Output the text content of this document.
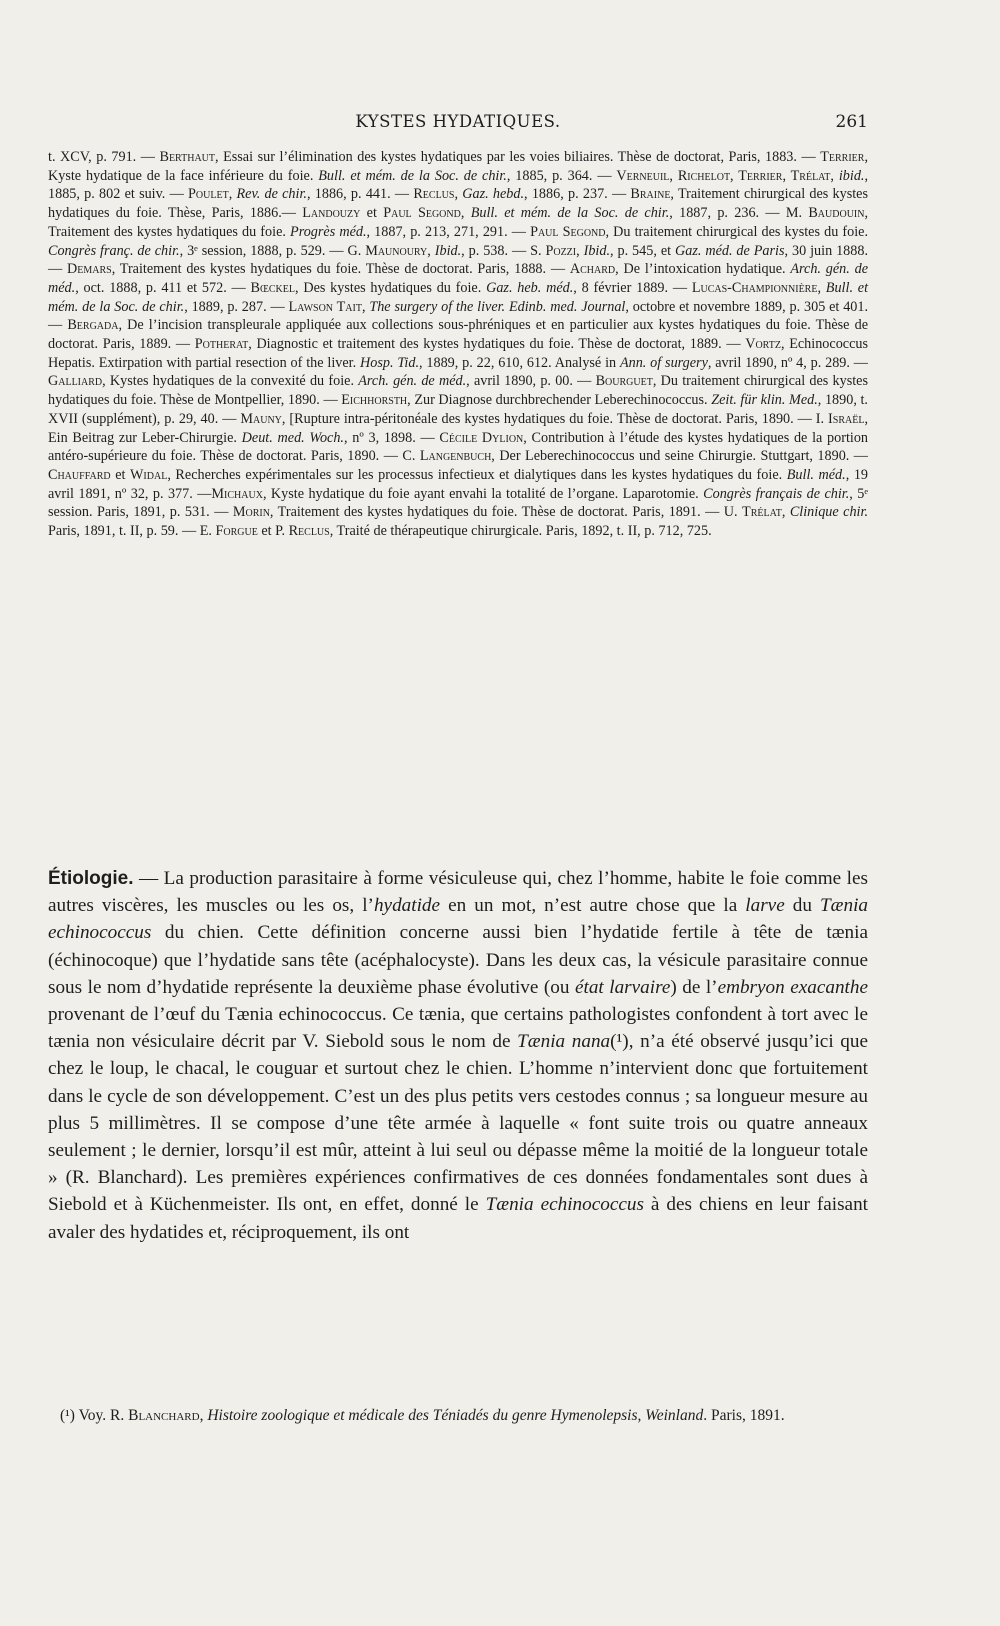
KYSTES HYDATIQUES.	261

t. XCV, p. 791. — Berthaut, Essai sur l’élimination des kystes hydatiques par les voies biliaires. Thèse de doctorat, Paris, 1883. — Terrier, Kyste hydatique de la face inférieure du foie. Bull. et mém. de la Soc. de chir., 1885, p. 364. — Verneuil, Richelot, Terrier, Trélat, ibid., 1885, p. 802 et suiv. — Poulet, Rev. de chir., 1886, p. 441. — Reclus, Gaz. hebd., 1886, p. 237. — Braine, Traitement chirurgical des kystes hydatiques du foie. Thèse, Paris, 1886.— Landouzy et Paul Segond, Bull. et mém. de la Soc. de chir., 1887, p. 236. — M. Baudouin, Traitement des kystes hydatiques du foie. Progrès méd., 1887, p. 213, 271, 291. — Paul Segond, Du traitement chirurgical des kystes du foie. Congrès franç. de chir., 3ᵉ session, 1888, p. 529. — G. Maunoury, Ibid., p. 538. — S. Pozzi, Ibid., p. 545, et Gaz. méd. de Paris, 30 juin 1888. — Demars, Traitement des kystes hydatiques du foie. Thèse de doctorat. Paris, 1888. — Achard, De l’intoxication hydatique. Arch. gén. de méd., oct. 1888, p. 411 et 572. — Bœckel, Des kystes hydatiques du foie. Gaz. heb. méd., 8 février 1889. — Lucas-Championnière, Bull. et mém. de la Soc. de chir., 1889, p. 287. — Lawson Tait, The surgery of the liver. Edinb. med. Journal, octobre et novembre 1889, p. 305 et 401. — Bergada, De l’incision transpleurale appliquée aux collections sous-phréniques et en particulier aux kystes hydatiques du foie. Thèse de doctorat. Paris, 1889. — Potherat, Diagnostic et traitement des kystes hydatiques du foie. Thèse de doctorat, 1889. — Vortz, Echinococcus Hepatis. Extirpation with partial resection of the liver. Hosp. Tid., 1889, p. 22, 610, 612. Analysé in Ann. of surgery, avril 1890, nº 4, p. 289. — Galliard, Kystes hydatiques de la convexité du foie. Arch. gén. de méd., avril 1890, p. 00. — Bourguet, Du traitement chirurgical des kystes hydatiques du foie. Thèse de Montpellier, 1890. — Eichhorsth, Zur Diagnose durchbrechender Leberechinococcus. Zeit. für klin. Med., 1890, t. XVII (supplément), p. 29, 40. — Mauny, [Rupture intra-péritonéale des kystes hydatiques du foie. Thèse de doctorat. Paris, 1890. — I. Israël, Ein Beitrag zur Leber-Chirurgie. Deut. med. Woch., nº 3, 1898. — Cécile Dylion, Contribution à l’étude des kystes hydatiques de la portion antéro-supérieure du foie. Thèse de doctorat. Paris, 1890. — C. Langenbuch, Der Leberechinococcus und seine Chirurgie. Stuttgart, 1890. — Chauffard et Widal, Recherches expérimentales sur les processus infectieux et dialytiques dans les kystes hydatiques du foie. Bull. méd., 19 avril 1891, nº 32, p. 377. —Michaux, Kyste hydatique du foie ayant envahi la totalité de l’organe. Laparotomie. Congrès français de chir., 5ᵉ session. Paris, 1891, p. 531. — Morin, Traitement des kystes hydatiques du foie. Thèse de doctorat. Paris, 1891. — U. Trélat, Clinique chir. Paris, 1891, t. II, p. 59. — E. Forgue et P. Reclus, Traité de thérapeutique chirurgicale. Paris, 1892, t. II, p. 712, 725.

Étiologie. — La production parasitaire à forme vésiculeuse qui, chez l’homme, habite le foie comme les autres viscères, les muscles ou les os, l’hydatide en un mot, n’est autre chose que la larve du Tænia echinococcus du chien. Cette définition concerne aussi bien l’hydatide fertile à tête de tænia (échinocoque) que l’hydatide sans tête (acéphalocyste). Dans les deux cas, la vésicule parasitaire connue sous le nom d’hydatide représente la deuxième phase évolutive (ou état larvaire) de l’embryon exacanthe provenant de l’œuf du Tænia echinococcus. Ce tænia, que certains pathologistes confondent à tort avec le tænia non vésiculaire décrit par V. Siebold sous le nom de Tænia nana(¹), n’a été observé jusqu’ici que chez le loup, le chacal, le couguar et surtout chez le chien. L’homme n’intervient donc que fortuitement dans le cycle de son développement. C’est un des plus petits vers cestodes connus ; sa longueur mesure au plus 5 millimètres. Il se compose d’une tête armée à laquelle « font suite trois ou quatre anneaux seulement ; le dernier, lorsqu’il est mûr, atteint à lui seul ou dépasse même la moitié de la longueur totale » (R. Blanchard). Les premières expériences confirmatives de ces données fondamentales sont dues à Siebold et à Küchenmeister. Ils ont, en effet, donné le Tænia echinococcus à des chiens en leur faisant avaler des hydatides et, réciproquement, ils ont

(¹) Voy. R. Blanchard, Histoire zoologique et médicale des Téniadés du genre Hymenolepsis, Weinland. Paris, 1891.
